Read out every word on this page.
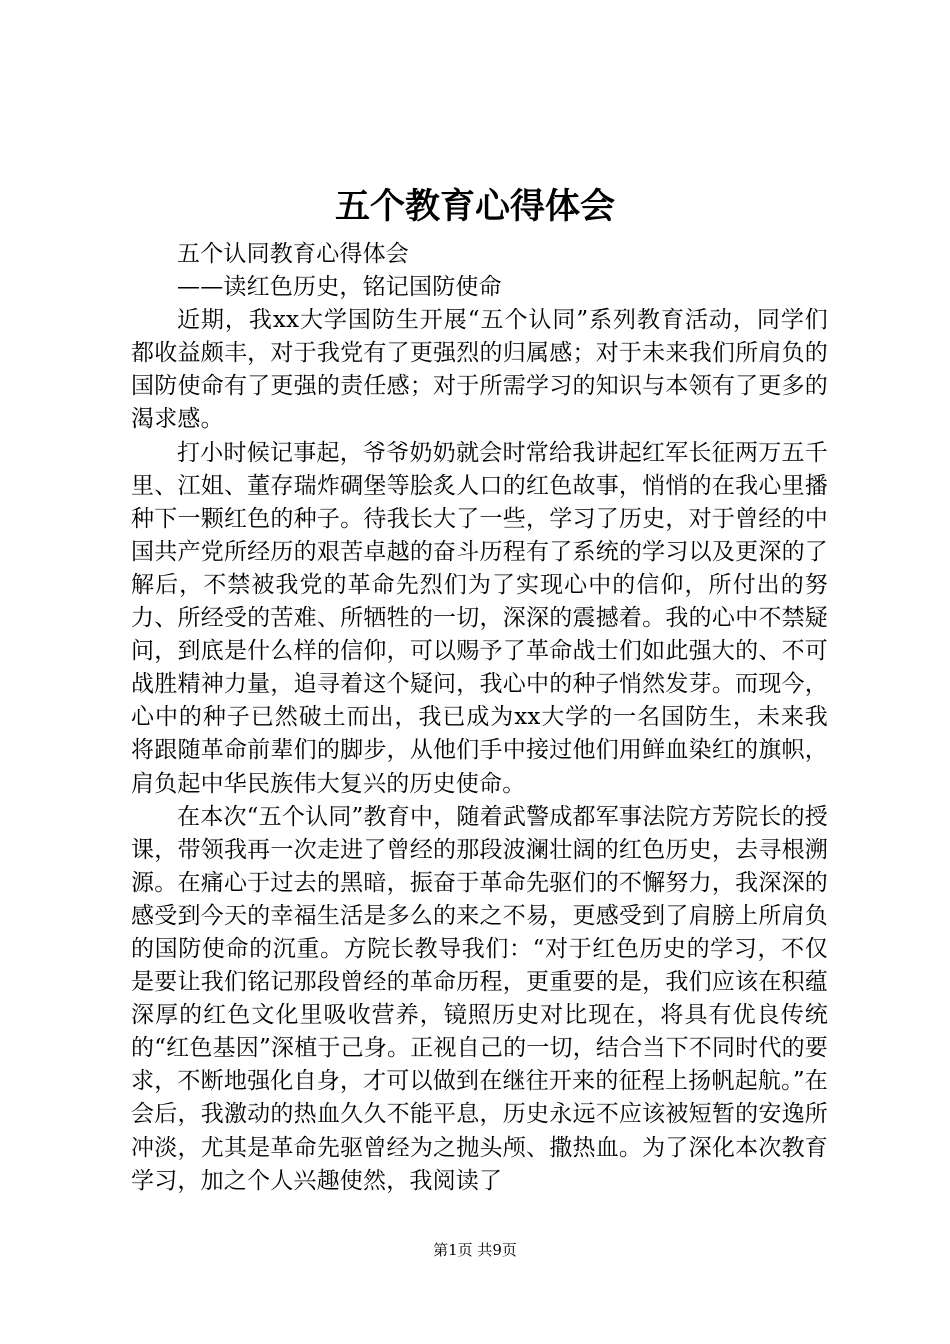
五个教育心得体会

五个认同教育心得体会

——读红色历史，铭记国防使命

近期，我xx大学国防生开展“五个认同”系列教育活动，同学们都收益颇丰，对于我党有了更强烈的归属感；对于未来我们所肩负的国防使命有了更强的责任感；对于所需学习的知识与本领有了更多的渴求感。

打小时候记事起，爷爷奶奶就会时常给我讲起红军长征两万五千里、江姐、董存瑞炸碉堡等脍炙人口的红色故事，悄悄的在我心里播种下一颗红色的种子。待我长大了一些，学习了历史，对于曾经的中国共产党所经历的艰苦卓越的奋斗历程有了系统的学习以及更深的了解后，不禁被我党的革命先烈们为了实现心中的信仰，所付出的努力、所经受的苦难、所牺牲的一切，深深的震撼着。我的心中不禁疑问，到底是什么样的信仰，可以赐予了革命战士们如此强大的、不可战胜精神力量，追寻着这个疑问，我心中的种子悄然发芽。而现今，心中的种子已然破土而出，我已成为xx大学的一名国防生，未来我将跟随革命前辈们的脚步，从他们手中接过他们用鲜血染红的旗帜，肩负起中华民族伟大复兴的历史使命。

在本次“五个认同”教育中，随着武警成都军事法院方芳院长的授课，带领我再一次走进了曾经的那段波澜壮阔的红色历史，去寻根溯源。在痛心于过去的黑暗，振奋于革命先驱们的不懈努力，我深深的感受到今天的幸福生活是多么的来之不易，更感受到了肩膀上所肩负的国防使命的沉重。方院长教导我们：“对于红色历史的学习，不仅是要让我们铭记那段曾经的革命历程，更重要的是，我们应该在积蕴深厚的红色文化里吸收营养，镜照历史对比现在，将具有优良传统的“红色基因”深植于己身。正视自己的一切，结合当下不同时代的要求，不断地强化自身，才可以做到在继往开来的征程上扬帆起航。”在会后，我激动的热血久久不能平息，历史永远不应该被短暂的安逸所冲淡，尤其是革命先驱曾经为之抛头颅、撒热血。为了深化本次教育学习，加之个人兴趣使然，我阅读了

第1页 共9页
